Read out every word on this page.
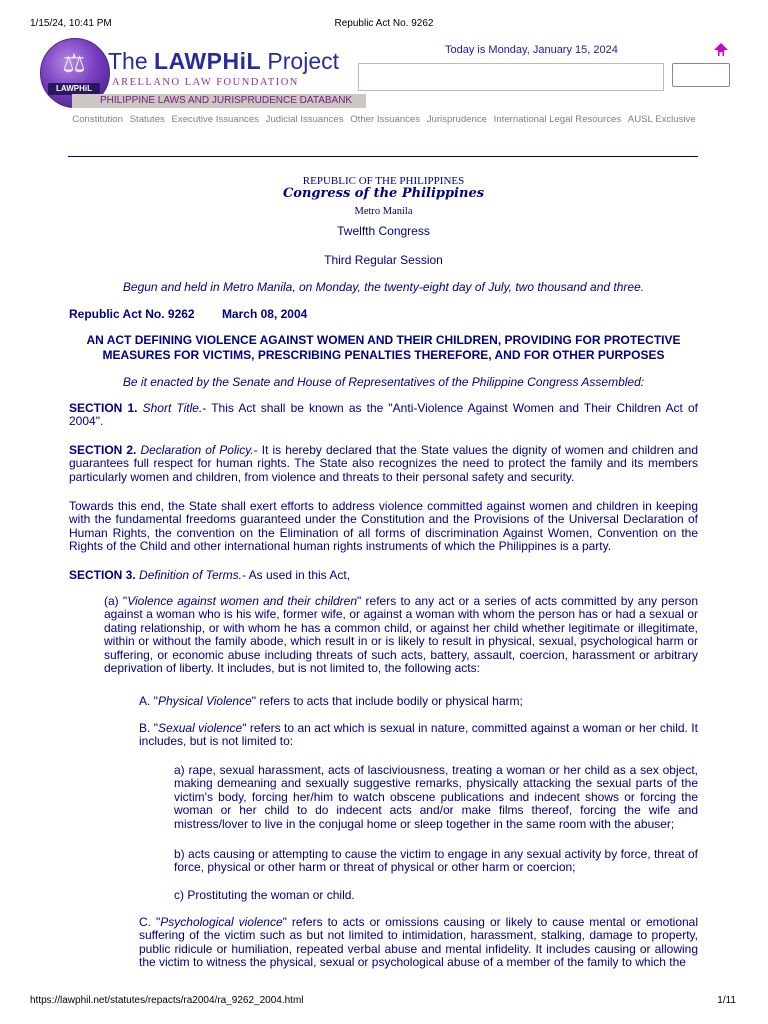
1/15/24, 10:41 PM	Republic Act No. 9262
⚖
LAWPHiL
The LAWPHiL Project
ARELLANO LAW FOUNDATION
PHILIPPINE LAWS AND JURISPRUDENCE DATABANK
Today is Monday, January 15, 2024
Constitution Statutes Executive Issuances Judicial Issuances Other Issuances Jurisprudence International Legal Resources AUSL Exclusive
REPUBLIC OF THE PHILIPPINES
Congress of the Philippines
Metro Manila
Twelfth Congress
Third Regular Session
Begun and held in Metro Manila, on Monday, the twenty-eight day of July, two thousand and three.
Republic Act No. 9262 March 08, 2004
AN ACT DEFINING VIOLENCE AGAINST WOMEN AND THEIR CHILDREN, PROVIDING FOR PROTECTIVE MEASURES FOR VICTIMS, PRESCRIBING PENALTIES THEREFORE, AND FOR OTHER PURPOSES
Be it enacted by the Senate and House of Representatives of the Philippine Congress Assembled:

SECTION 1. Short Title.- This Act shall be known as the "Anti-Violence Against Women and Their Children Act of 2004".

SECTION 2. Declaration of Policy.- It is hereby declared that the State values the dignity of women and children and guarantees full respect for human rights. The State also recognizes the need to protect the family and its members particularly women and children, from violence and threats to their personal safety and security.

Towards this end, the State shall exert efforts to address violence committed against women and children in keeping with the fundamental freedoms guaranteed under the Constitution and the Provisions of the Universal Declaration of Human Rights, the convention on the Elimination of all forms of discrimination Against Women, Convention on the Rights of the Child and other international human rights instruments of which the Philippines is a party.

SECTION 3. Definition of Terms.- As used in this Act,

(a) "Violence against women and their children" refers to any act or a series of acts committed by any person against a woman who is his wife, former wife, or against a woman with whom the person has or had a sexual or dating relationship, or with whom he has a common child, or against her child whether legitimate or illegitimate, within or without the family abode, which result in or is likely to result in physical, sexual, psychological harm or suffering, or economic abuse including threats of such acts, battery, assault, coercion, harassment or arbitrary deprivation of liberty. It includes, but is not limited to, the following acts:

A. "Physical Violence" refers to acts that include bodily or physical harm;

B. "Sexual violence" refers to an act which is sexual in nature, committed against a woman or her child. It includes, but is not limited to:

a) rape, sexual harassment, acts of lasciviousness, treating a woman or her child as a sex object, making demeaning and sexually suggestive remarks, physically attacking the sexual parts of the victim's body, forcing her/him to watch obscene publications and indecent shows or forcing the woman or her child to do indecent acts and/or make films thereof, forcing the wife and mistress/lover to live in the conjugal home or sleep together in the same room with the abuser;

b) acts causing or attempting to cause the victim to engage in any sexual activity by force, threat of force, physical or other harm or threat of physical or other harm or coercion;

c) Prostituting the woman or child.

C. "Psychological violence" refers to acts or omissions causing or likely to cause mental or emotional suffering of the victim such as but not limited to intimidation, harassment, stalking, damage to property, public ridicule or humiliation, repeated verbal abuse and mental infidelity. It includes causing or allowing the victim to witness the physical, sexual or psychological abuse of a member of the family to which the

https://lawphil.net/statutes/repacts/ra2004/ra_9262_2004.html	1/11
